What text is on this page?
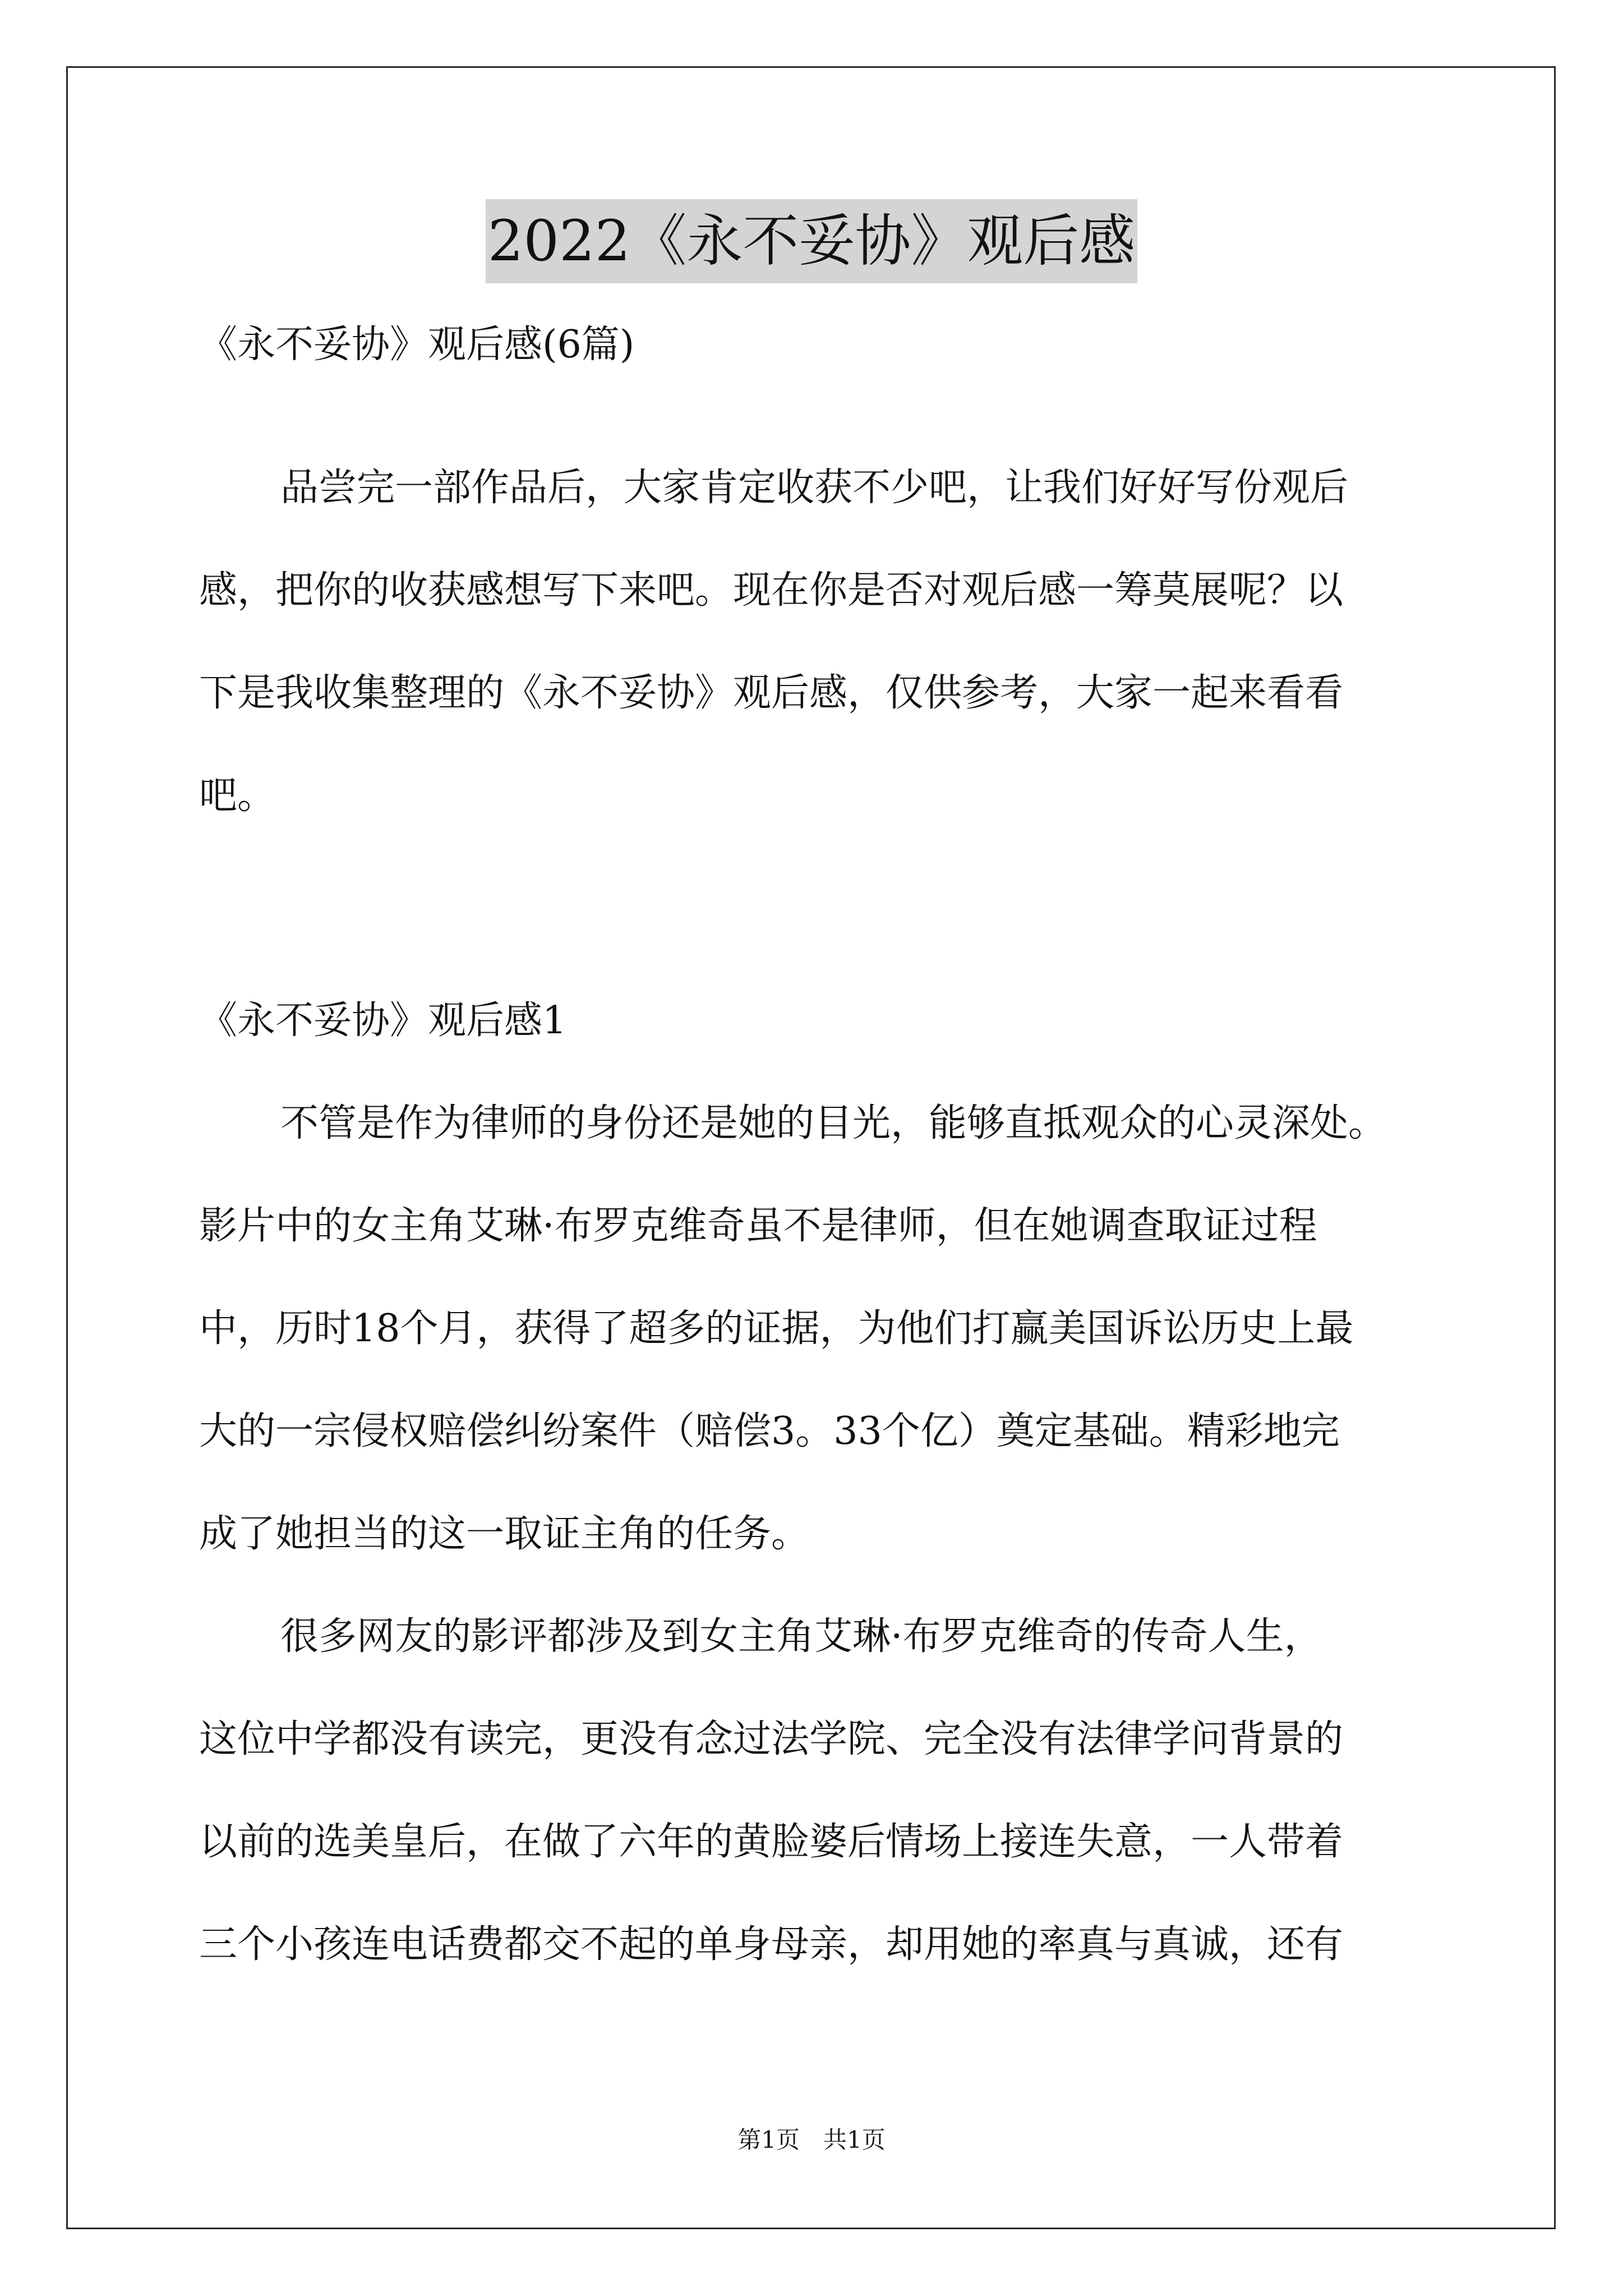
2022《永不妥协》观后感
《永不妥协》观后感(6篇)
品尝完一部作品后，大家肯定收获不少吧，让我们好好写份观后
感，把你的收获感想写下来吧。现在你是否对观后感一筹莫展呢？以
下是我收集整理的《永不妥协》观后感，仅供参考，大家一起来看看
吧。
《永不妥协》观后感1
不管是作为律师的身份还是她的目光，能够直抵观众的心灵深处。
影片中的女主角艾琳·布罗克维奇虽不是律师，但在她调查取证过程
中，历时18个月，获得了超多的证据，为他们打赢美国诉讼历史上最
大的一宗侵权赔偿纠纷案件（赔偿3。33个亿）奠定基础。精彩地完
成了她担当的这一取证主角的任务。
很多网友的影评都涉及到女主角艾琳·布罗克维奇的传奇人生，
这位中学都没有读完，更没有念过法学院、完全没有法律学问背景的
以前的选美皇后，在做了六年的黄脸婆后情场上接连失意，一人带着
三个小孩连电话费都交不起的单身母亲，却用她的率真与真诚，还有
第1页　共1页
